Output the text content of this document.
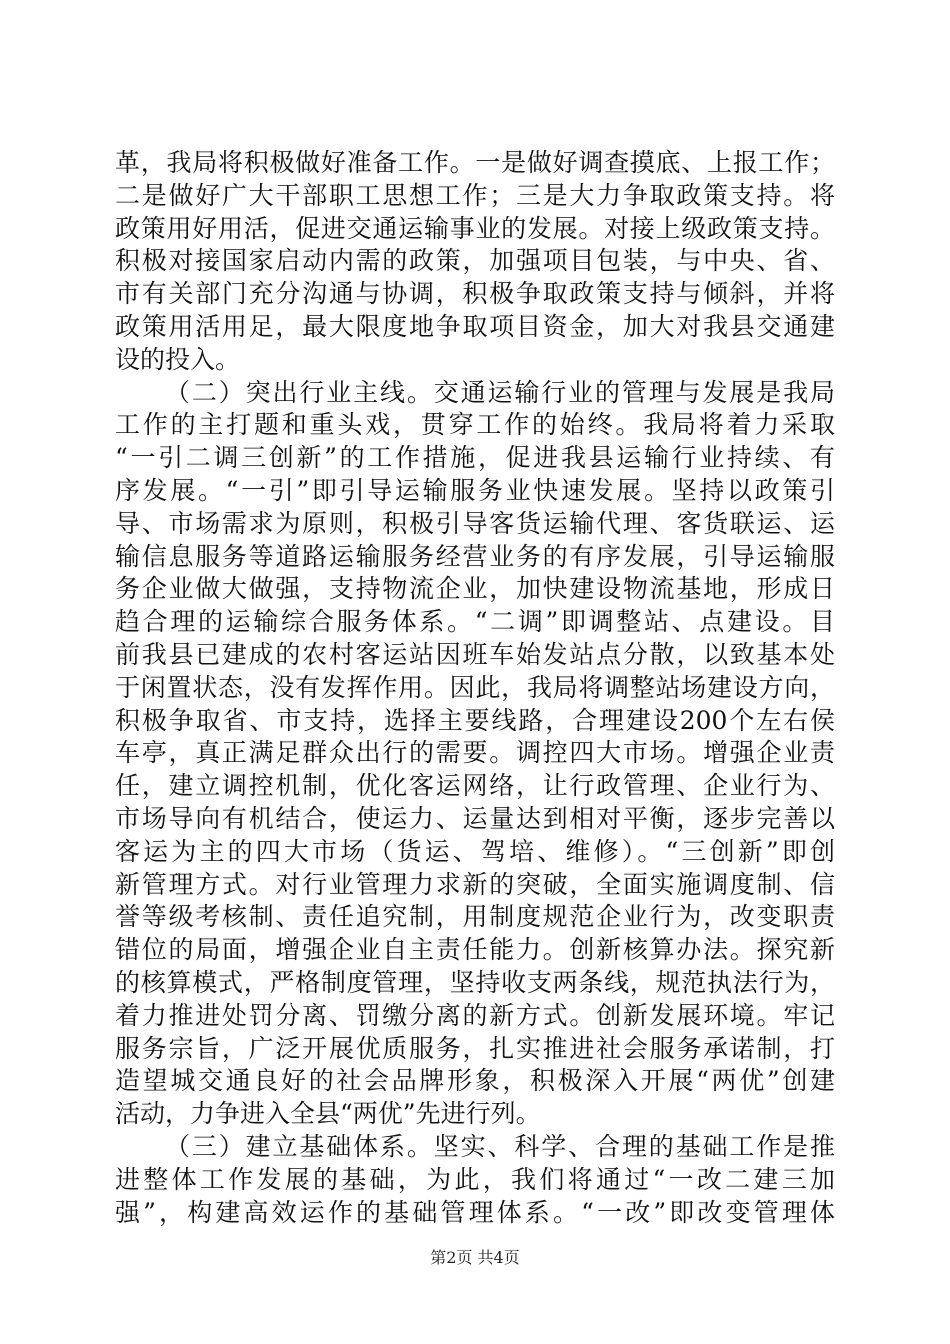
革，我局将积极做好准备工作。一是做好调查摸底、上报工作；
二是做好广大干部职工思想工作；三是大力争取政策支持。将
政策用好用活，促进交通运输事业的发展。对接上级政策支持。
积极对接国家启动内需的政策，加强项目包装，与中央、省、
市有关部门充分沟通与协调，积极争取政策支持与倾斜，并将
政策用活用足，最大限度地争取项目资金，加大对我县交通建
设的投入。
（二）突出行业主线。交通运输行业的管理与发展是我局
工作的主打题和重头戏，贯穿工作的始终。我局将着力采取
“一引二调三创新”的工作措施，促进我县运输行业持续、有
序发展。“一引”即引导运输服务业快速发展。坚持以政策引
导、市场需求为原则，积极引导客货运输代理、客货联运、运
输信息服务等道路运输服务经营业务的有序发展，引导运输服
务企业做大做强，支持物流企业，加快建设物流基地，形成日
趋合理的运输综合服务体系。“二调”即调整站、点建设。目
前我县已建成的农村客运站因班车始发站点分散，以致基本处
于闲置状态，没有发挥作用。因此，我局将调整站场建设方向，
积极争取省、市支持，选择主要线路，合理建设200个左右侯
车亭，真正满足群众出行的需要。调控四大市场。增强企业责
任，建立调控机制，优化客运网络，让行政管理、企业行为、
市场导向有机结合，使运力、运量达到相对平衡，逐步完善以
客运为主的四大市场（货运、驾培、维修）。“三创新”即创
新管理方式。对行业管理力求新的突破，全面实施调度制、信
誉等级考核制、责任追究制，用制度规范企业行为，改变职责
错位的局面，增强企业自主责任能力。创新核算办法。探究新
的核算模式，严格制度管理，坚持收支两条线，规范执法行为，
着力推进处罚分离、罚缴分离的新方式。创新发展环境。牢记
服务宗旨，广泛开展优质服务，扎实推进社会服务承诺制，打
造望城交通良好的社会品牌形象，积极深入开展“两优”创建
活动，力争进入全县“两优”先进行列。
（三）建立基础体系。坚实、科学、合理的基础工作是推
进整体工作发展的基础，为此，我们将通过“一改二建三加
强”，构建高效运作的基础管理体系。“一改”即改变管理体
第2页 共4页
